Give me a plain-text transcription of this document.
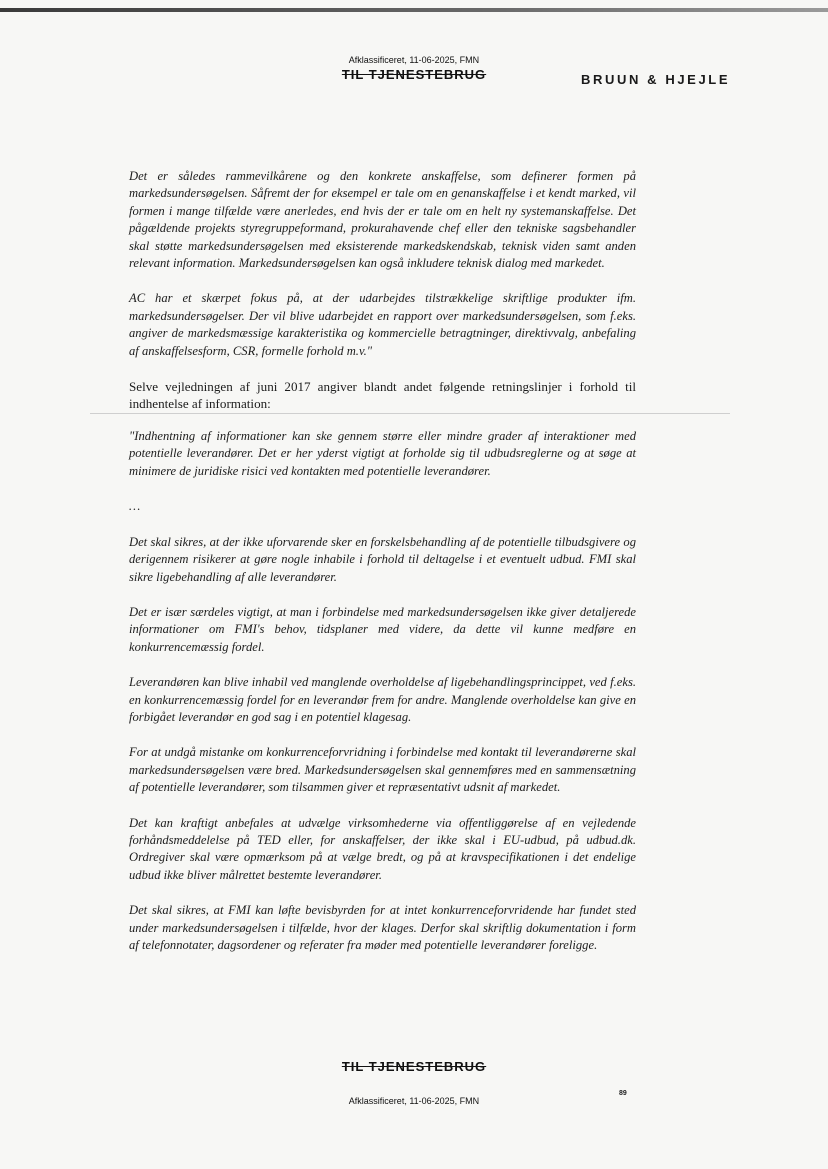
Afklassificeret, 11-06-2025, FMN
TIL TJENESTEBRUG	BRUUN & HJEJLE

Det er således rammevilkårene og den konkrete anskaffelse, som definerer formen på markedsundersøgelsen. Såfremt der for eksempel er tale om en genanskaffelse i et kendt marked, vil formen i mange tilfælde være anerledes, end hvis der er tale om en helt ny systemanskaffelse. Det pågældende projekts styregruppeformand, prokurahavende chef eller den tekniske sagsbehandler skal støtte markedsundersøgelsen med eksisterende markedskendskab, teknisk viden samt anden relevant information. Markedsundersøgelsen kan også inkludere teknisk dialog med markedet.

AC har et skærpet fokus på, at der udarbejdes tilstrækkelige skriftlige produkter ifm. markedsundersøgelser. Der vil blive udarbejdet en rapport over markedsundersøgelsen, som f.eks. angiver de markedsmæssige karakteristika og kommercielle betragtninger, direktivvalg, anbefaling af anskaffelsesform, CSR, formelle forhold m.v."

Selve vejledningen af juni 2017 angiver blandt andet følgende retningslinjer i forhold til indhentelse af information:

"Indhentning af informationer kan ske gennem større eller mindre grader af interaktioner med potentielle leverandører. Det er her yderst vigtigt at forholde sig til udbudsreglerne og at søge at minimere de juridiske risici ved kontakten med potentielle leverandører.

…

Det skal sikres, at der ikke uforvarende sker en forskelsbehandling af de potentielle tilbudsgivere og derigennem risikerer at gøre nogle inhabile i forhold til deltagelse i et eventuelt udbud. FMI skal sikre ligebehandling af alle leverandører.

Det er især særdeles vigtigt, at man i forbindelse med markedsundersøgelsen ikke giver detaljerede informationer om FMI's behov, tidsplaner med videre, da dette vil kunne medføre en konkurrencemæssig fordel.

Leverandøren kan blive inhabil ved manglende overholdelse af ligebehandlingsprincippet, ved f.eks. en konkurrencemæssig fordel for en leverandør frem for andre. Manglende overholdelse kan give en forbigået leverandør en god sag i en potentiel klagesag.

For at undgå mistanke om konkurrenceforvridning i forbindelse med kontakt til leverandørerne skal markedsundersøgelsen være bred. Markedsundersøgelsen skal gennemføres med en sammensætning af potentielle leverandører, som tilsammen giver et repræsentativt udsnit af markedet.

Det kan kraftigt anbefales at udvælge virksomhederne via offentliggørelse af en vejledende forhåndsmeddelelse på TED eller, for anskaffelser, der ikke skal i EU-udbud, på udbud.dk. Ordregiver skal være opmærksom på at vælge bredt, og på at kravspecifikationen i det endelige udbud ikke bliver målrettet bestemte leverandører.

Det skal sikres, at FMI kan løfte bevisbyrden for at intet konkurrenceforvridende har fundet sted under markedsundersøgelsen i tilfælde, hvor der klages. Derfor skal skriftlig dokumentation i form af telefonnotater, dagsordener og referater fra møder med potentielle leverandører foreligge.

TIL TJENESTEBRUG
89
Afklassificeret, 11-06-2025, FMN
